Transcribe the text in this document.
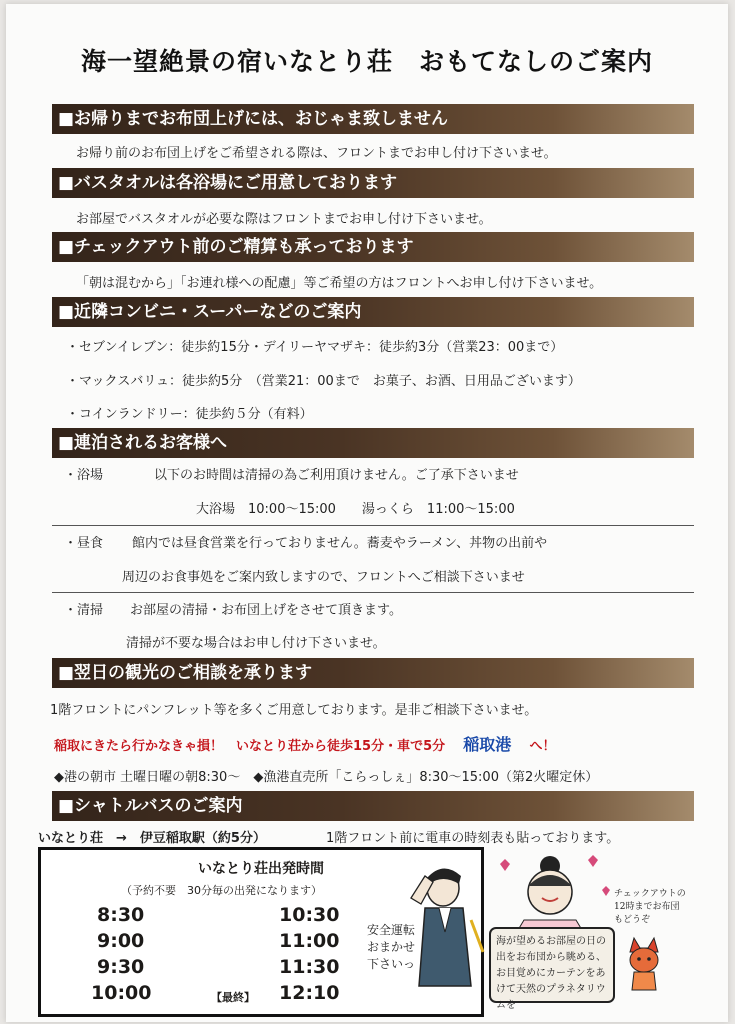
海一望絶景の宿いなとり荘　おもてなしのご案内
■お帰りまでお布団上げには、おじゃま致しません
お帰り前のお布団上げをご希望される際は、フロントまでお申し付け下さいませ。
■バスタオルは各浴場にご用意しております
お部屋でバスタオルが必要な際はフロントまでお申し付け下さいませ。
■チェックアウト前のご精算も承っております
「朝は混むから」「お連れ様への配慮」等ご希望の方はフロントへお申し付け下さいませ。
■近隣コンビニ・スーパーなどのご案内
・セブンイレブン：徒歩約15分・デイリーヤマザキ：徒歩約3分（営業23：00まで）
・マックスバリュ：徒歩約5分　（営業21：00まで　お菓子、お酒、日用品ございます）
・コインランドリー：徒歩約５分（有料）
■連泊されるお客様へ
・浴場	以下のお時間は清掃の為ご利用頂けません。ご了承下さいませ
大浴場　10:00～15:00　　湯っくら　11:00～15:00
・昼食 館内では昼食営業を行っておりません。蕎麦やラーメン、丼物の出前や
周辺のお食事処をご案内致しますので、フロントへご相談下さいませ
・清掃 お部屋の清掃・お布団上げをさせて頂きます。
清掃が不要な場合はお申し付け下さいませ。
■翌日の観光のご相談を承ります
1階フロントにパンフレット等を多くご用意しております。是非ご相談下さいませ。
稲取にきたら行かなきゃ損！　いなとり荘から徒歩15分・車で5分 稲取港 へ！
◆港の朝市 土曜日曜の朝8:30～　◆漁港直売所「こらっしぇ」8:30～15:00（第2火曜定休）
■シャトルバスのご案内
いなとり荘　→　伊豆稲取駅（約5分）	1階フロント前に電車の時刻表も貼っております。
いなとり荘出発時間
（予約不要　30分毎の出発になります）
8:30
9:00
9:30
10:00
10:30
11:00
11:30
12:10
【最終】
安全運転おまかせ下さいっ
海が望めるお部屋の日の出をお布団から眺める、お目覚めにカーテンをあけて天然のプラネタリウムを
チェックアウトの12時までお布団もどうぞ
